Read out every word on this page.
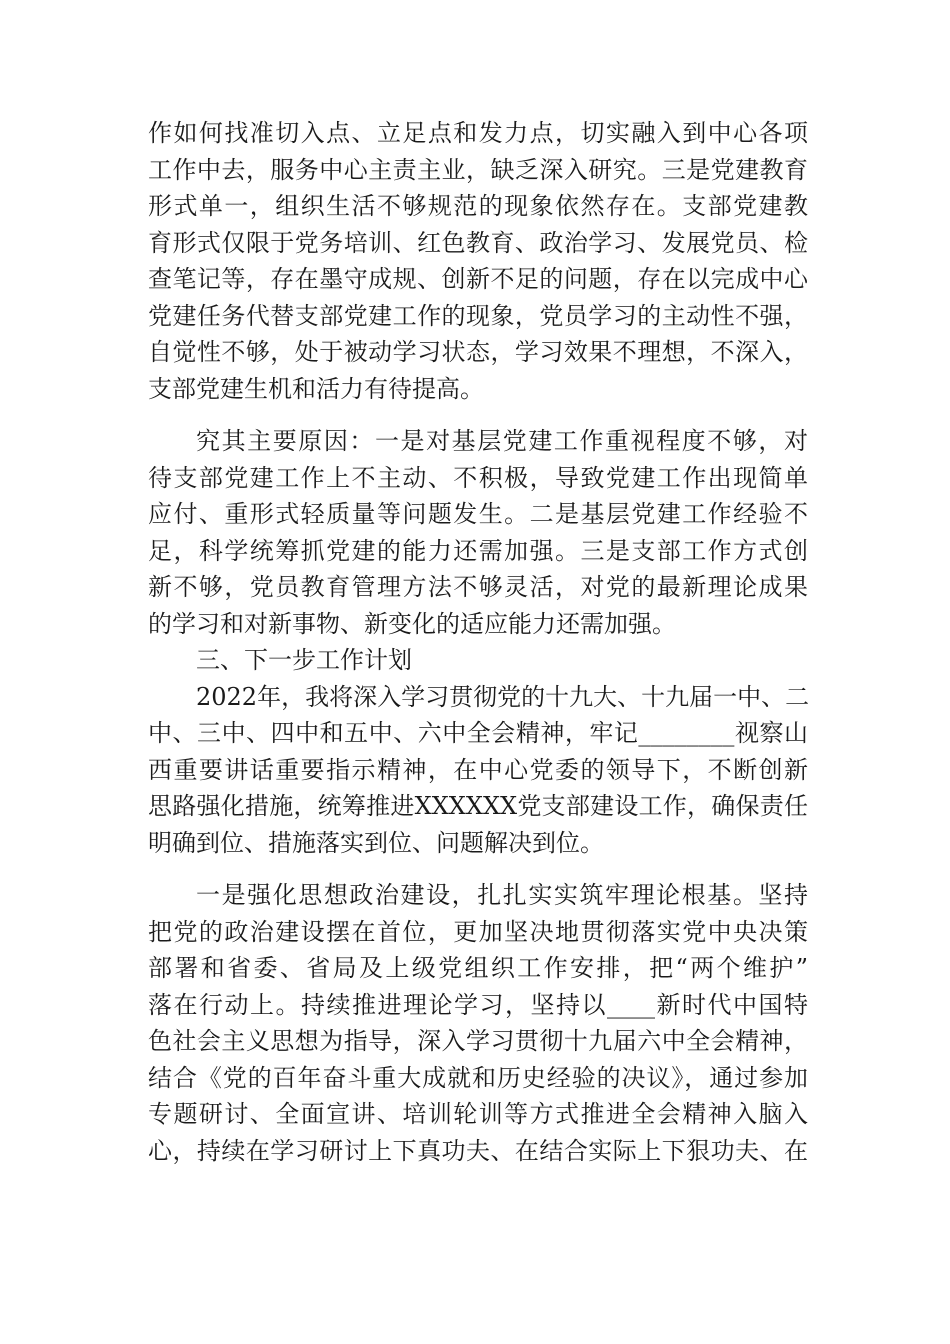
作如何找准切入点、立足点和发力点，切实融入到中心各项
工作中去，服务中心主责主业，缺乏深入研究。三是党建教育
形式单一，组织生活不够规范的现象依然存在。支部党建教
育形式仅限于党务培训、红色教育、政治学习、发展党员、检
查笔记等，存在墨守成规、创新不足的问题，存在以完成中心
党建任务代替支部党建工作的现象，党员学习的主动性不强，
自觉性不够，处于被动学习状态，学习效果不理想，不深入，
支部党建生机和活力有待提高。
究其主要原因：一是对基层党建工作重视程度不够，对
待支部党建工作上不主动、不积极，导致党建工作出现简单
应付、重形式轻质量等问题发生。二是基层党建工作经验不
足，科学统筹抓党建的能力还需加强。三是支部工作方式创
新不够，党员教育管理方法不够灵活，对党的最新理论成果
的学习和对新事物、新变化的适应能力还需加强。
三、下一步工作计划
2022年，我将深入学习贯彻党的十九大、十九届一中、二
中、三中、四中和五中、六中全会精神，牢记________视察山
西重要讲话重要指示精神，在中心党委的领导下，不断创新
思路强化措施，统筹推进XXXXXX党支部建设工作，确保责任
明确到位、措施落实到位、问题解决到位。
一是强化思想政治建设，扎扎实实筑牢理论根基。坚持
把党的政治建设摆在首位，更加坚决地贯彻落实党中央决策
部署和省委、省局及上级党组织工作安排，把“两个维护”
落在行动上。持续推进理论学习，坚持以____新时代中国特
色社会主义思想为指导，深入学习贯彻十九届六中全会精神，
结合《党的百年奋斗重大成就和历史经验的决议》，通过参加
专题研讨、全面宣讲、培训轮训等方式推进全会精神入脑入
心，持续在学习研讨上下真功夫、在结合实际上下狠功夫、在
